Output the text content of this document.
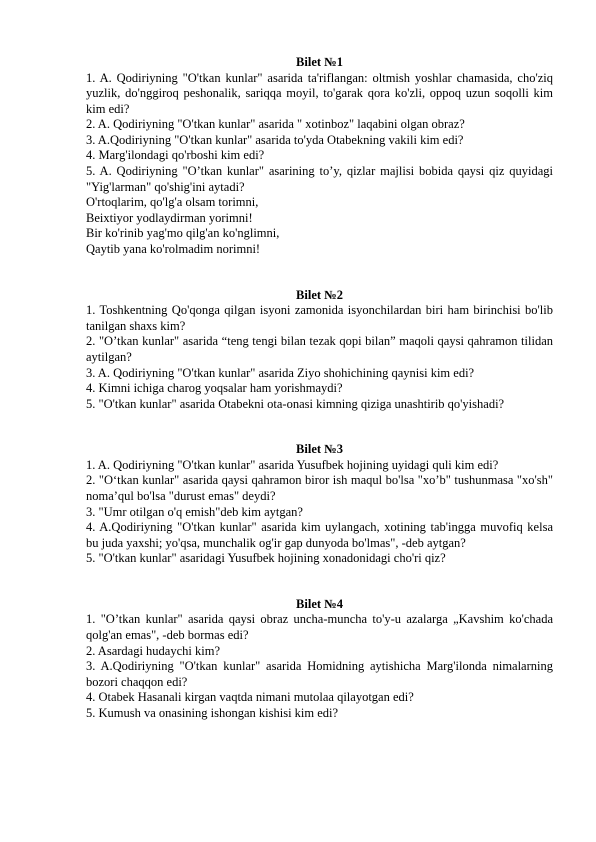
Bilet №1

1. A. Qodiriyning "O'tkan kunlar" asarida ta'riflangan: oltmish yoshlar chamasida, cho'ziq yuzlik, do'nggiroq peshonalik, sariqqa moyil, to'garak qora ko'zli, oppoq uzun soqolli kim kim edi?

2. A. Qodiriyning "O'tkan kunlar" asarida " xotinboz" laqabini olgan obraz?

3. A.Qodiriyning "O'tkan kunlar" asarida to'yda Otabekning vakili kim edi?

4. Marg'ilondagi qo'rboshi kim edi?

5. A. Qodiriyning "O’tkan kunlar" asarining to’y, qizlar majlisi bobida qaysi qiz quyidagi "Yig'larman" qo'shig'ini aytadi?

O'rtoqlarim, qo'lg'a olsam torimni,

Beixtiyor yodlaydirman yorimni!

Bir ko'rinib yag'mo qilg'an ko'nglimni,

Qaytib yana ko'rolmadim norimni!

Bilet №2

1. Toshkentning Qo'qonga qilgan isyoni zamonida isyonchilardan biri ham birinchisi bo'lib tanilgan shaxs kim?

2. "O’tkan kunlar" asarida “teng tengi bilan tezak qopi bilan” maqoli qaysi qahramon tilidan aytilgan?

3. A. Qodiriyning "O'tkan kunlar" asarida Ziyo shohichining qaynisi kim edi?

4. Kimni ichiga charog yoqsalar ham yorishmaydi?

5. "O'tkan kunlar" asarida Otabekni ota-onasi kimning qiziga unashtirib qo'yishadi?

Bilet №3

1. A. Qodiriyning "O'tkan kunlar" asarida Yusufbek hojining uyidagi quli kim edi?

2. "O‘tkan kunlar" asarida qaysi qahramon biror ish maqul bo'lsa "xo’b" tushunmasa "xo'sh" noma’qul bo'lsa "durust emas" deydi?

3. "Umr otilgan o'q emish"deb kim aytgan?

4. A.Qodiriyning "O'tkan kunlar" asarida kim uylangach, xotining tab'ingga muvofiq kelsa bu juda yaxshi; yo'qsa, munchalik og'ir gap dunyoda bo'lmas", -deb aytgan?

5. "O'tkan kunlar" asaridagi Yusufbek hojining xonadonidagi cho'ri qiz?

Bilet №4

1. "O’tkan kunlar" asarida qaysi obraz uncha-muncha to'y-u azalarga „Kavshim ko'chada qolg'an emas", -deb bormas edi?

2. Asardagi hudaychi kim?

3. A.Qodiriyning "O'tkan kunlar" asarida Homidning aytishicha Marg'ilonda nimalarning bozori chaqqon edi?

4. Otabek Hasanali kirgan vaqtda nimani mutolaa qilayotgan edi?

5. Kumush va onasining ishongan kishisi kim edi?
